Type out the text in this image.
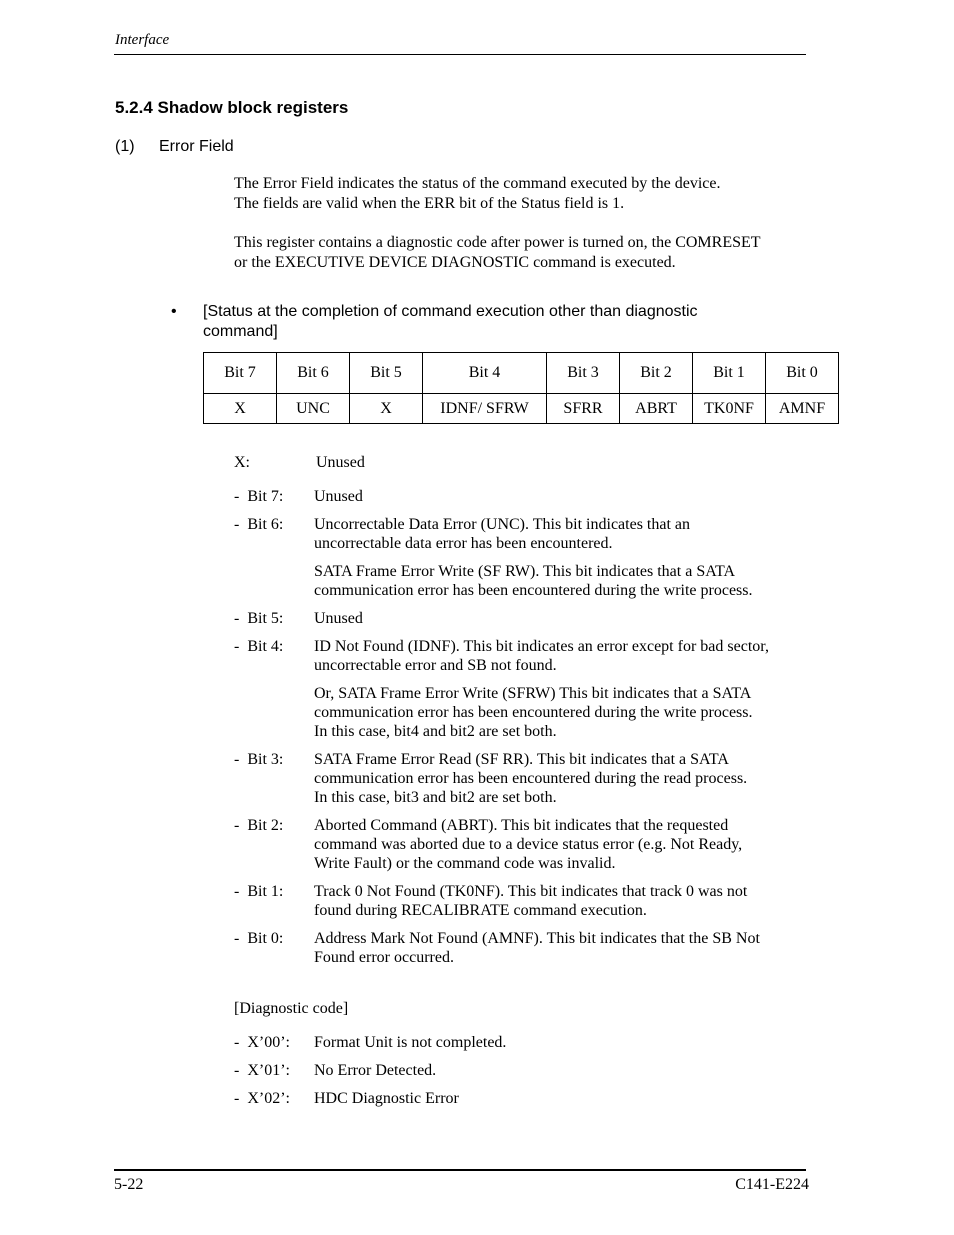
Interface
5.2.4 Shadow block registers
(1) Error Field

The Error Field indicates the status of the command executed by the device.

The fields are valid when the ERR bit of the Status field is 1.

This register contains a diagnostic code after power is turned on, the COMRESET

or the EXECUTIVE DEVICE DIAGNOSTIC command is executed.

• [Status at the completion of command execution other than diagnostic
command]
Bit 7	Bit 6	Bit 5	Bit 4	Bit 3	Bit 2	Bit 1	Bit 0
X	UNC	X	IDNF/ SFRW	SFRR	ABRT	TK0NF	AMNF
X:	Unused
-  Bit 7: Unused

-  Bit 6: Uncorrectable Data Error (UNC). This bit indicates that an
uncorrectable data error has been encountered.

SATA Frame Error Write (SF RW). This bit indicates that a SATA
communication error has been encountered during the write process.

-  Bit 5: Unused

-  Bit 4: ID Not Found (IDNF). This bit indicates an error except for bad sector,
uncorrectable error and SB not found.

Or, SATA Frame Error Write (SFRW) This bit indicates that a SATA
communication error has been encountered during the write process.
In this case, bit4 and bit2 are set both.

-  Bit 3: SATA Frame Error Read (SF RR). This bit indicates that a SATA
communication error has been encountered during the read process.
In this case, bit3 and bit2 are set both.

-  Bit 2: Aborted Command (ABRT). This bit indicates that the requested
command was aborted due to a device status error (e.g. Not Ready,
Write Fault) or the command code was invalid.

-  Bit 1: Track 0 Not Found (TK0NF). This bit indicates that track 0 was not
found during RECALIBRATE command execution.

-  Bit 0: Address Mark Not Found (AMNF). This bit indicates that the SB Not
Found error occurred.

[Diagnostic code]
-  X’00’: Format Unit is not completed.
-  X’01’: No Error Detected.
-  X’02’: HDC Diagnostic Error
5-22	C141-E224
